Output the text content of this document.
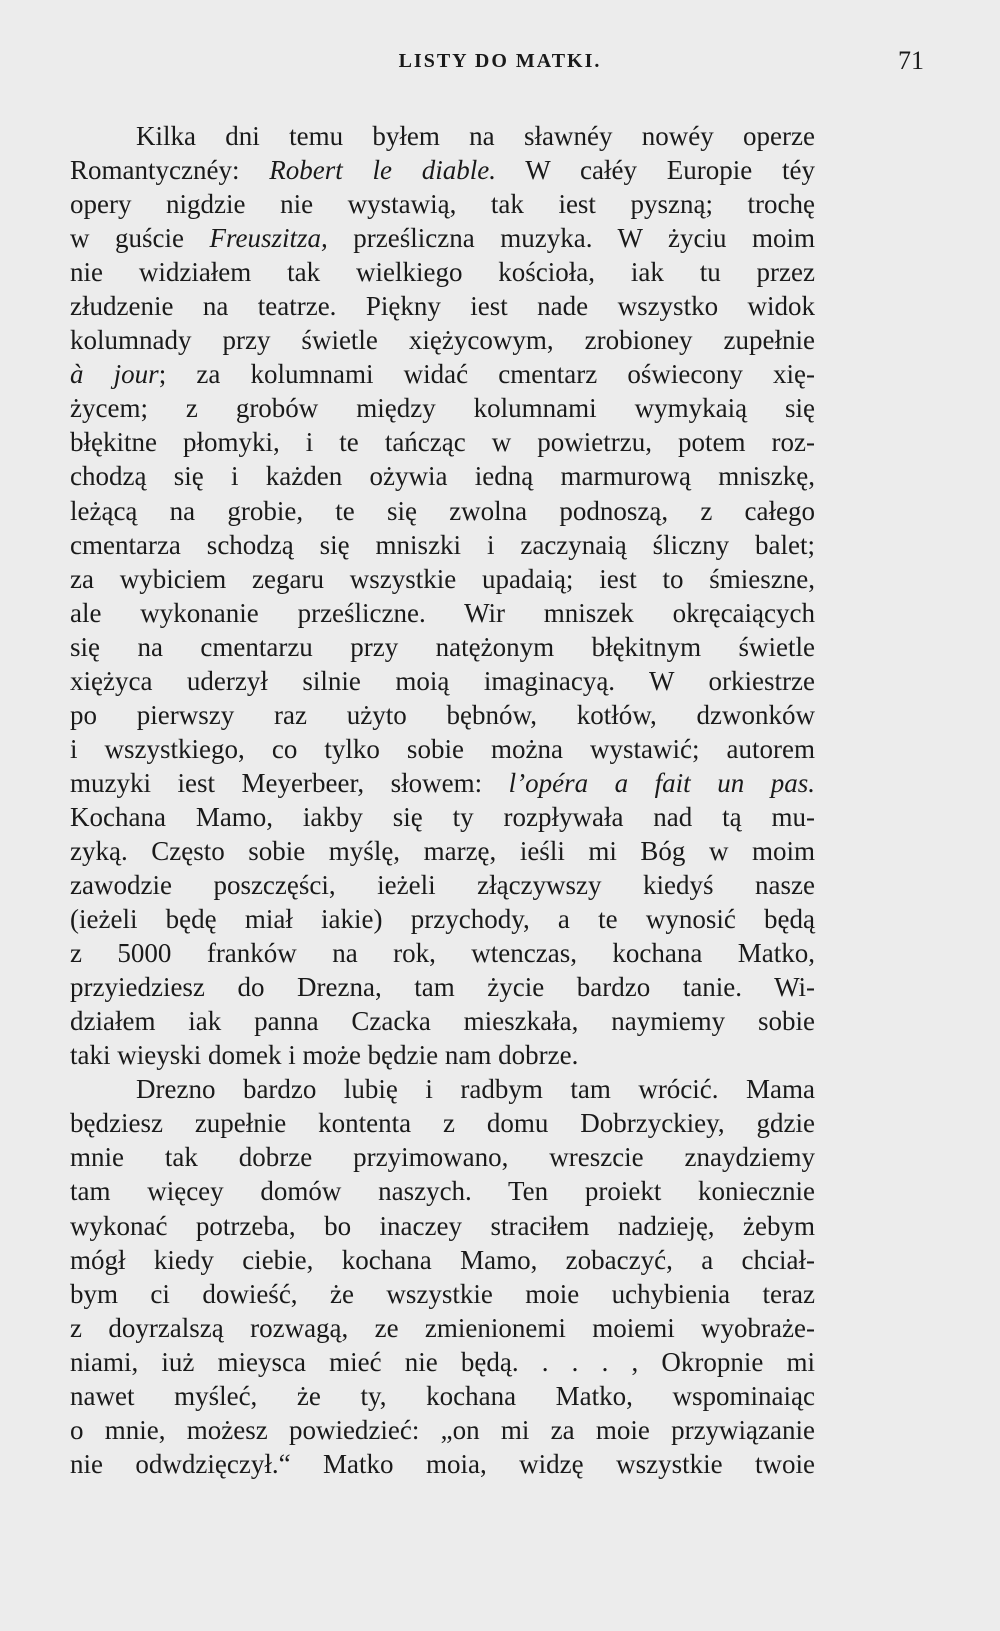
LISTY DO MATKI.	71
Kilka dni temu byłem na sławnéy nowéy operze
Romantycznéy: Robert le diable. W całéy Europie téy
opery nigdzie nie wystawią, tak iest pyszną; trochę
w guście Freuszitza, prześliczna muzyka. W życiu moim
nie widziałem tak wielkiego kościoła, iak tu przez
złudzenie na teatrze. Piękny iest nade wszystko widok
kolumnady przy świetle xiężycowym, zrobioney zupełnie
à jour; za kolumnami widać cmentarz oświecony xię-
życem; z grobów między kolumnami wymykaią się
błękitne płomyki, i te tańcząc w powietrzu, potem roz-
chodzą się i każden ożywia iedną marmurową mniszkę,
leżącą na grobie, te się zwolna podnoszą, z całego
cmentarza schodzą się mniszki i zaczynaią śliczny balet;
za wybiciem zegaru wszystkie upadaią; iest to śmieszne,
ale wykonanie prześliczne. Wir mniszek okręcaiących
się na cmentarzu przy natężonym błękitnym świetle
xiężyca uderzył silnie moią imaginacyą. W orkiestrze
po pierwszy raz użyto bębnów, kotłów, dzwonków
i wszystkiego, co tylko sobie można wystawić; autorem
muzyki iest Meyerbeer, słowem: l’opéra a fait un pas.
Kochana Mamo, iakby się ty rozpływała nad tą mu-
zyką. Często sobie myślę, marzę, ieśli mi Bóg w moim
zawodzie poszczęści, ieżeli złączywszy kiedyś nasze
(ieżeli będę miał iakie) przychody, a te wynosić będą
z 5000 franków na rok, wtenczas, kochana Matko,
przyiedziesz do Drezna, tam życie bardzo tanie. Wi-
działem iak panna Czacka mieszkała, naymiemy sobie
taki wieyski domek i może będzie nam dobrze.
Drezno bardzo lubię i radbym tam wrócić. Mama
będziesz zupełnie kontenta z domu Dobrzyckiey, gdzie
mnie tak dobrze przyimowano, wreszcie znaydziemy
tam więcey domów naszych. Ten proiekt koniecznie
wykonać potrzeba, bo inaczey straciłem nadzieję, żebym
mógł kiedy ciebie, kochana Mamo, zobaczyć, a chciał-
bym ci dowieść, że wszystkie moie uchybienia teraz
z doyrzalszą rozwagą, ze zmienionemi moiemi wyobraże-
niami, iuż mieysca mieć nie będą. . . . , Okropnie mi
nawet myśleć, że ty, kochana Matko, wspominaiąc
o mnie, możesz powiedzieć: „on mi za moie przywiązanie
nie odwdzięczył.“ Matko moia, widzę wszystkie twoie
